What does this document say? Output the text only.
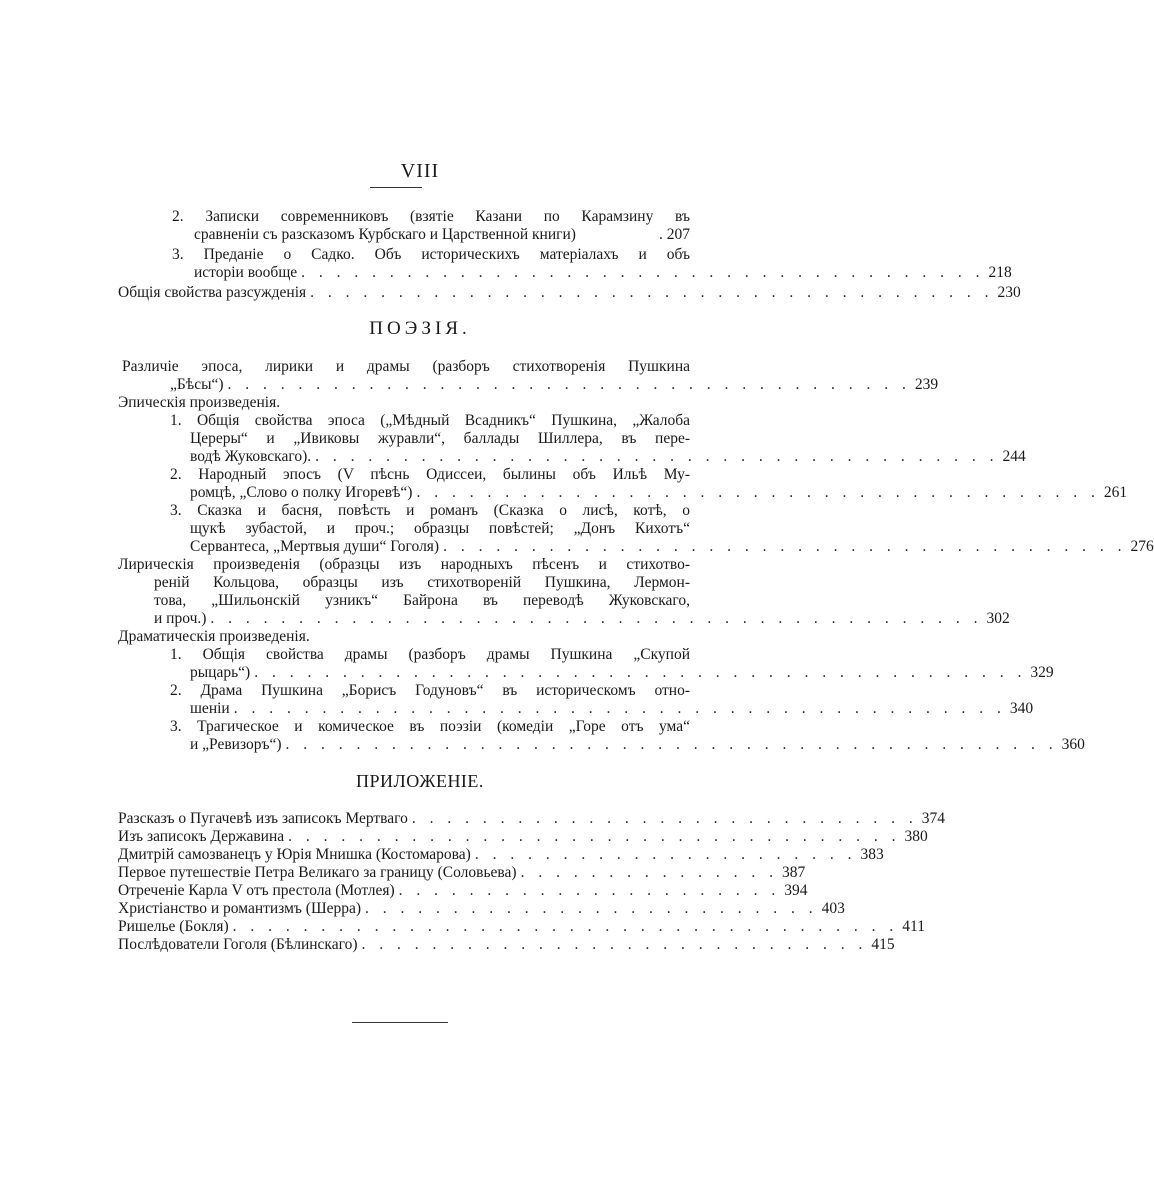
VIII
2. Записки современниковъ (взятіе Казани по Карамзину въ
сравненіи съ разсказомъ Курбскаго и Царственной книги)	. 207
3. Преданіе о Садко. Объ историческихъ матеріалахъ и объ
исторіи вообще . . . . . . . . . . . . . . . . . . . . . . . . . . . . . . . . . . . . . . . 218
Общія свойства разсужденія . . . . . . . . . . . . . . . . . . . . . . . . . . . . . . . . . . . . . . . 230
ПОЭЗІЯ.
Различіе эпоса, лирики и драмы (разборъ стихотворенія Пушкина
„Бѣсы“) . . . . . . . . . . . . . . . . . . . . . . . . . . . . . . . . . . . . . . . 239
Эпическія произведенія.
1. Общія свойства эпоса („Мѣдный Всадникъ“ Пушкина, „Жалоба
Цереры“ и „Ивиковы журавли“, баллады Шиллера, въ пере-
водѣ Жуковскаго). . . . . . . . . . . . . . . . . . . . . . . . . . . . . . . . . . . . . . . . 244
2. Народный эпосъ (V пѣснь Одиссеи, былины объ Ильѣ Му-
ромцѣ, „Слово о полку Игоревѣ“) . . . . . . . . . . . . . . . . . . . . . . . . . . . . . . . . . . . . . . . 261
3. Сказка и басня, повѣсть и романъ (Сказка о лисѣ, котѣ, о
щукѣ зубастой, и проч.; образцы повѣстей; „Донъ Кихотъ“
Сервантеса, „Мертвыя души“ Гоголя) . . . . . . . . . . . . . . . . . . . . . . . . . . . . . . . . . . . . . . . 276
Лирическія произведенія (образцы изъ народныхъ пѣсенъ и стихотво-
реній Кольцова, образцы изъ стихотвореній Пушкина, Лермон-
това, „Шильонскій узникъ“ Байрона въ переводѣ Жуковскаго,
и проч.) . . . . . . . . . . . . . . . . . . . . . . . . . . . . . . . . . . . . . . . . . . . . 302
Драматическія произведенія.
1. Общія свойства драмы (разборъ драмы Пушкина „Скупой
рыцарь“) . . . . . . . . . . . . . . . . . . . . . . . . . . . . . . . . . . . . . . . . . . . . 329
2. Драма Пушкина „Борисъ Годуновъ“ въ историческомъ отно-
шеніи . . . . . . . . . . . . . . . . . . . . . . . . . . . . . . . . . . . . . . . . . . . . 340
3. Трагическое и комическое въ поэзіи (комедіи „Горе отъ ума“
и „Ревизоръ“) . . . . . . . . . . . . . . . . . . . . . . . . . . . . . . . . . . . . . . . . . . . . 360
ПРИЛОЖЕНІЕ.
Разсказъ о Пугачевѣ изъ записокъ Мертваго . . . . . . . . . . . . . . . . . . . . . . . . . . . . . 374
Изъ записокъ Державина . . . . . . . . . . . . . . . . . . . . . . . . . . . . . . . . . . . 380
Дмитрій самозванецъ у Юрія Мнишка (Костомарова) . . . . . . . . . . . . . . . . . . . . . . 383
Первое путешествіе Петра Великаго за границу (Соловьева) . . . . . . . . . . . . . . . 387
Отреченіе Карла V отъ престола (Мотлея) . . . . . . . . . . . . . . . . . . . . . . 394
Христіанство и романтизмъ (Шерра) . . . . . . . . . . . . . . . . . . . . . . . . . . 403
Ришелье (Бокля) . . . . . . . . . . . . . . . . . . . . . . . . . . . . . . . . . . . . . . 411
Послѣдователи Гоголя (Бѣлинскаго) . . . . . . . . . . . . . . . . . . . . . . . . . . . . . 415
